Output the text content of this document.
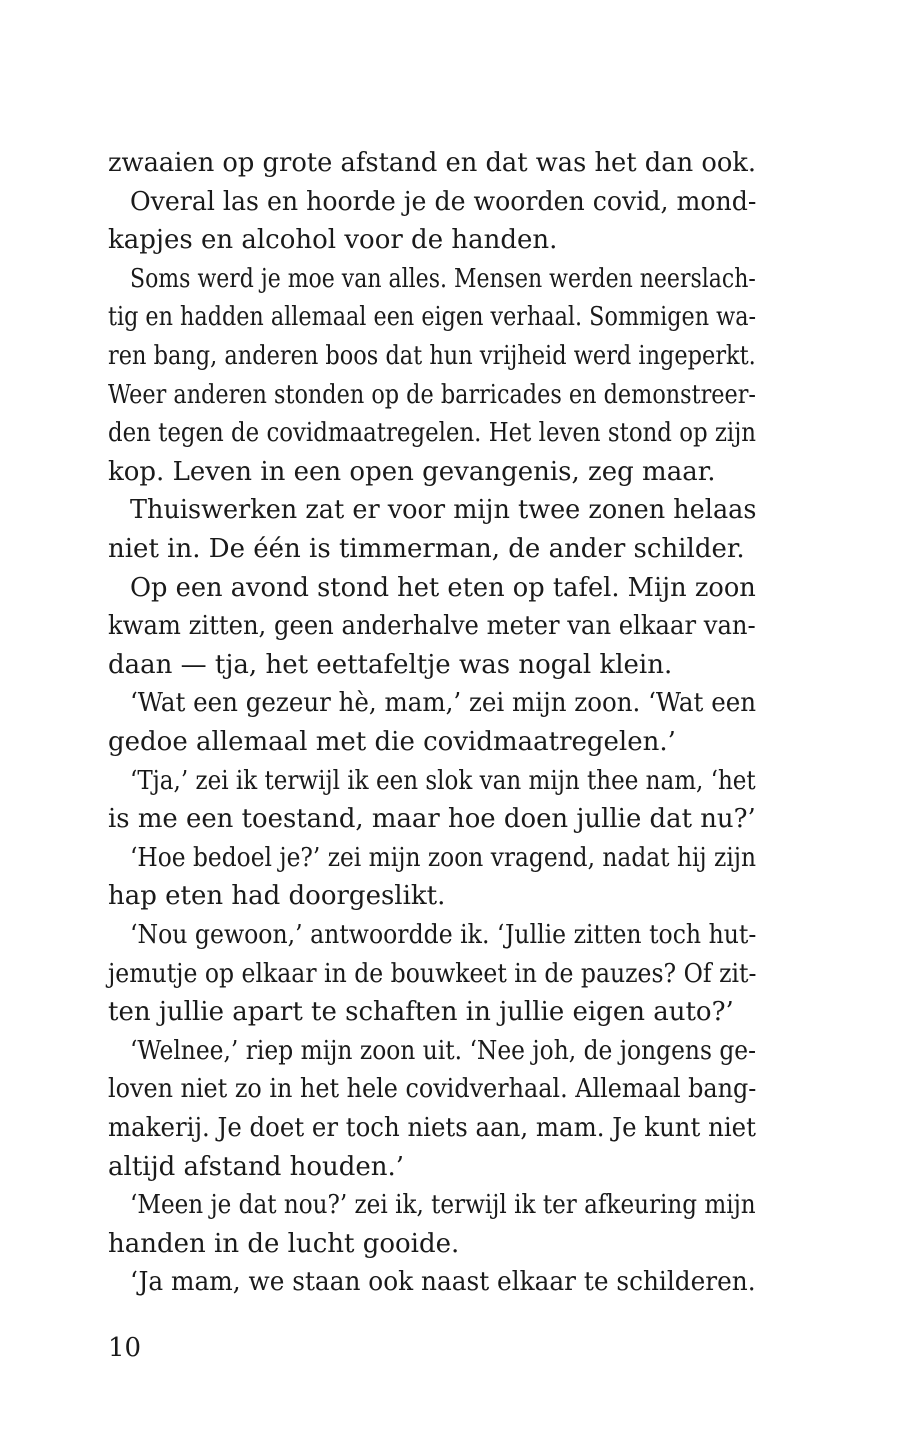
zwaaien op grote afstand en dat was het dan ook.
Overal las en hoorde je de woorden covid, mond-
kapjes en alcohol voor de handen.
Soms werd je moe van alles. Mensen werden neerslach-
tig en hadden allemaal een eigen verhaal. Sommigen wa-
ren bang, anderen boos dat hun vrijheid werd ingeperkt.
Weer anderen stonden op de barricades en demonstreer-
den tegen de covidmaatregelen. Het leven stond op zijn
kop. Leven in een open gevangenis, zeg maar.
Thuiswerken zat er voor mijn twee zonen helaas
niet in. De één is timmerman, de ander schilder.
Op een avond stond het eten op tafel. Mijn zoon
kwam zitten, geen anderhalve meter van elkaar van-
daan — tja, het eettafeltje was nogal klein.
‘Wat een gezeur hè, mam,’ zei mijn zoon. ‘Wat een
gedoe allemaal met die covidmaatregelen.’
‘Tja,’ zei ik terwijl ik een slok van mijn thee nam, ‘het
is me een toestand, maar hoe doen jullie dat nu?’
‘Hoe bedoel je?’ zei mijn zoon vragend, nadat hij zijn
hap eten had doorgeslikt.
‘Nou gewoon,’ antwoordde ik. ‘Jullie zitten toch hut-
jemutje op elkaar in de bouwkeet in de pauzes? Of zit-
ten jullie apart te schaften in jullie eigen auto?’
‘Welnee,’ riep mijn zoon uit. ‘Nee joh, de jongens ge-
loven niet zo in het hele covidverhaal. Allemaal bang-
makerij. Je doet er toch niets aan, mam. Je kunt niet
altijd afstand houden.’
‘Meen je dat nou?’ zei ik, terwijl ik ter afkeuring mijn
handen in de lucht gooide.
‘Ja mam, we staan ook naast elkaar te schilderen.
10
